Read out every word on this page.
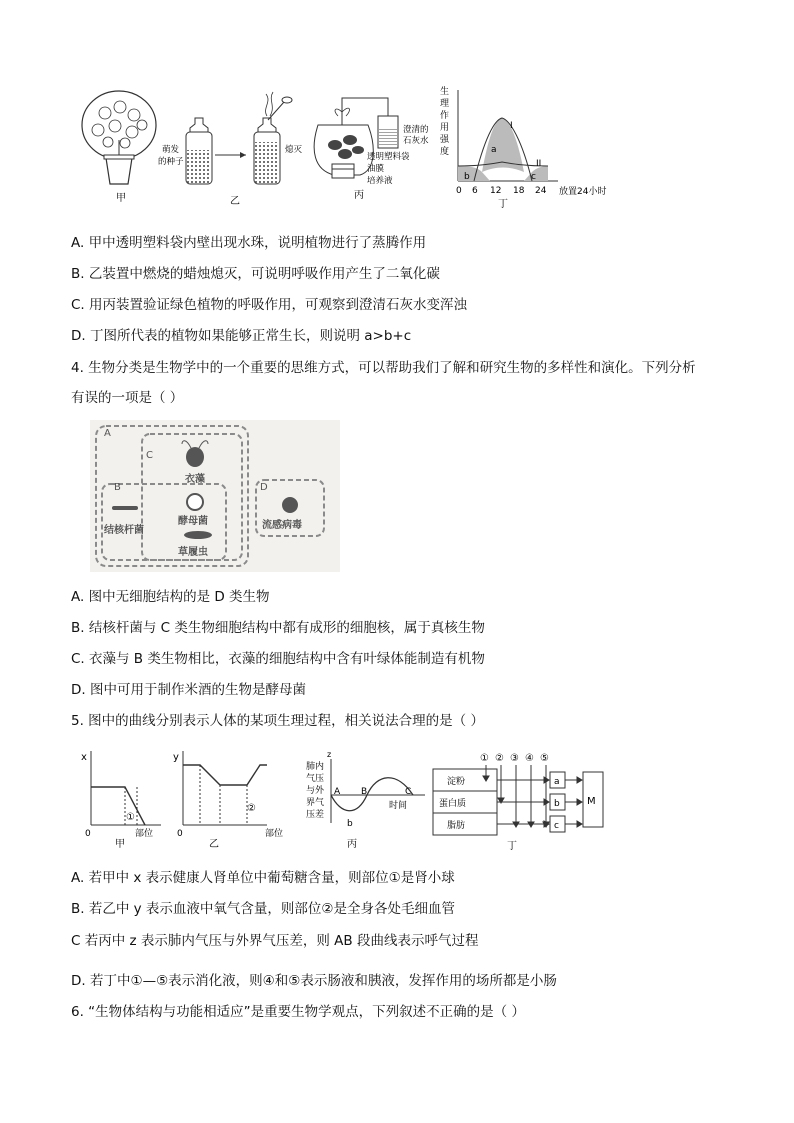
甲
萌发
的种子
熄灭
乙
澄清的
石灰水
透明塑料袋
油膜
培养液
丙
生
理
作
用
强
度
I
II
a
b	c
0 6 12 18 24 放置24小时
丁
A. 甲中透明塑料袋内壁出现水珠，说明植物进行了蒸腾作用
B. 乙装置中燃烧的蜡烛熄灭，可说明呼吸作用产生了二氧化碳
C. 用丙装置验证绿色植物的呼吸作用，可观察到澄清石灰水变浑浊
D. 丁图所代表的植物如果能够正常生长，则说明 a>b+c
4. 生物分类是生物学中的一个重要的思维方式，可以帮助我们了解和研究生物的多样性和演化。下列分析
有误的一项是（ ）
A
C
B	D
衣藻
结核杆菌
酵母菌
草履虫
流感病毒
A. 图中无细胞结构的是 D 类生物
B. 结核杆菌与 C 类生物细胞结构中都有成形的细胞核，属于真核生物
C. 衣藻与 B 类生物相比，衣藻的细胞结构中含有叶绿体能制造有机物
D. 图中可用于制作米酒的生物是酵母菌
5. 图中的曲线分别表示人体的某项生理过程，相关说法合理的是（ ）
x
①
0	部位
甲
y
②
0	部位
乙
z
肺内
气压
与外
界气
压差
A B	C
b
时间
丙
淀粉
蛋白质
脂肪
① ② ③ ④ ⑤
a
b
c
M
丁
A. 若甲中 x 表示健康人肾单位中葡萄糖含量，则部位①是肾小球
B. 若乙中 y 表示血液中氧气含量，则部位②是全身各处毛细血管
C 若丙中 z 表示肺内气压与外界气压差，则 AB 段曲线表示呼气过程
D. 若丁中①—⑤表示消化液，则④和⑤表示肠液和胰液，发挥作用的场所都是小肠
6. “生物体结构与功能相适应”是重要生物学观点，下列叙述不正确的是（ ）
